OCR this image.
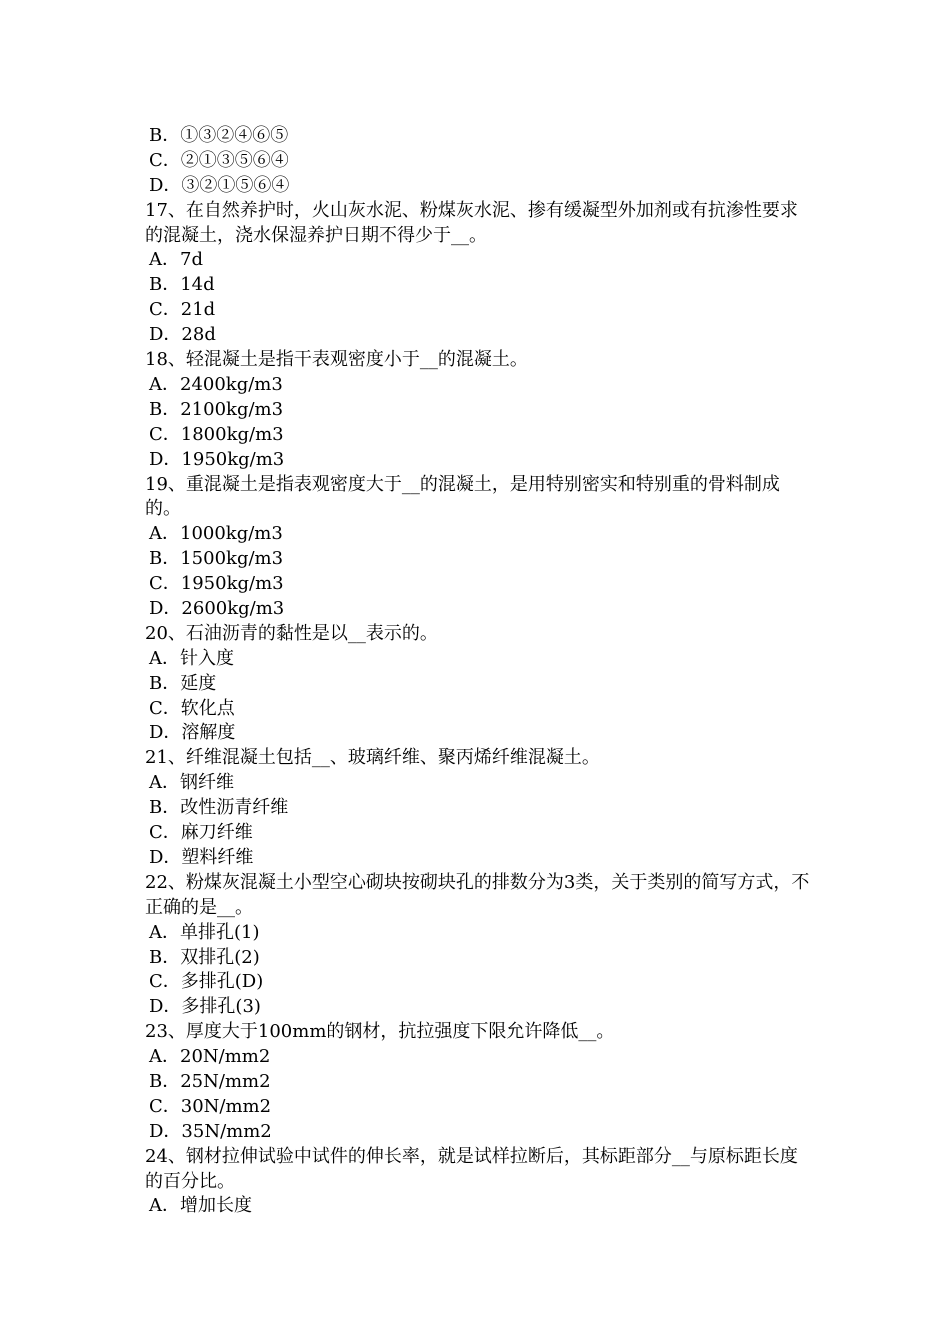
B．①③②④⑥⑤
C．②①③⑤⑥④
D．③②①⑤⑥④
17、在自然养护时，火山灰水泥、粉煤灰水泥、掺有缓凝型外加剂或有抗渗性要求的混凝土，浇水保湿养护日期不得少于__。
A．7d
B．14d
C．21d
D．28d
18、轻混凝土是指干表观密度小于__的混凝土。
A．2400kg/m3
B．2100kg/m3
C．1800kg/m3
D．1950kg/m3
19、重混凝土是指表观密度大于__的混凝土，是用特别密实和特别重的骨料制成的。
A．1000kg/m3
B．1500kg/m3
C．1950kg/m3
D．2600kg/m3
20、石油沥青的黏性是以__表示的。
A．针入度
B．延度
C．软化点
D．溶解度
21、纤维混凝土包括__、玻璃纤维、聚丙烯纤维混凝土。
A．钢纤维
B．改性沥青纤维
C．麻刀纤维
D．塑料纤维
22、粉煤灰混凝土小型空心砌块按砌块孔的排数分为3类，关于类别的简写方式，不正确的是__。
A．单排孔(1)
B．双排孔(2)
C．多排孔(D)
D．多排孔(3)
23、厚度大于100mm的钢材，抗拉强度下限允许降低__。
A．20N/mm2
B．25N/mm2
C．30N/mm2
D．35N/mm2
24、钢材拉伸试验中试件的伸长率，就是试样拉断后，其标距部分__与原标距长度的百分比。
A．增加长度
